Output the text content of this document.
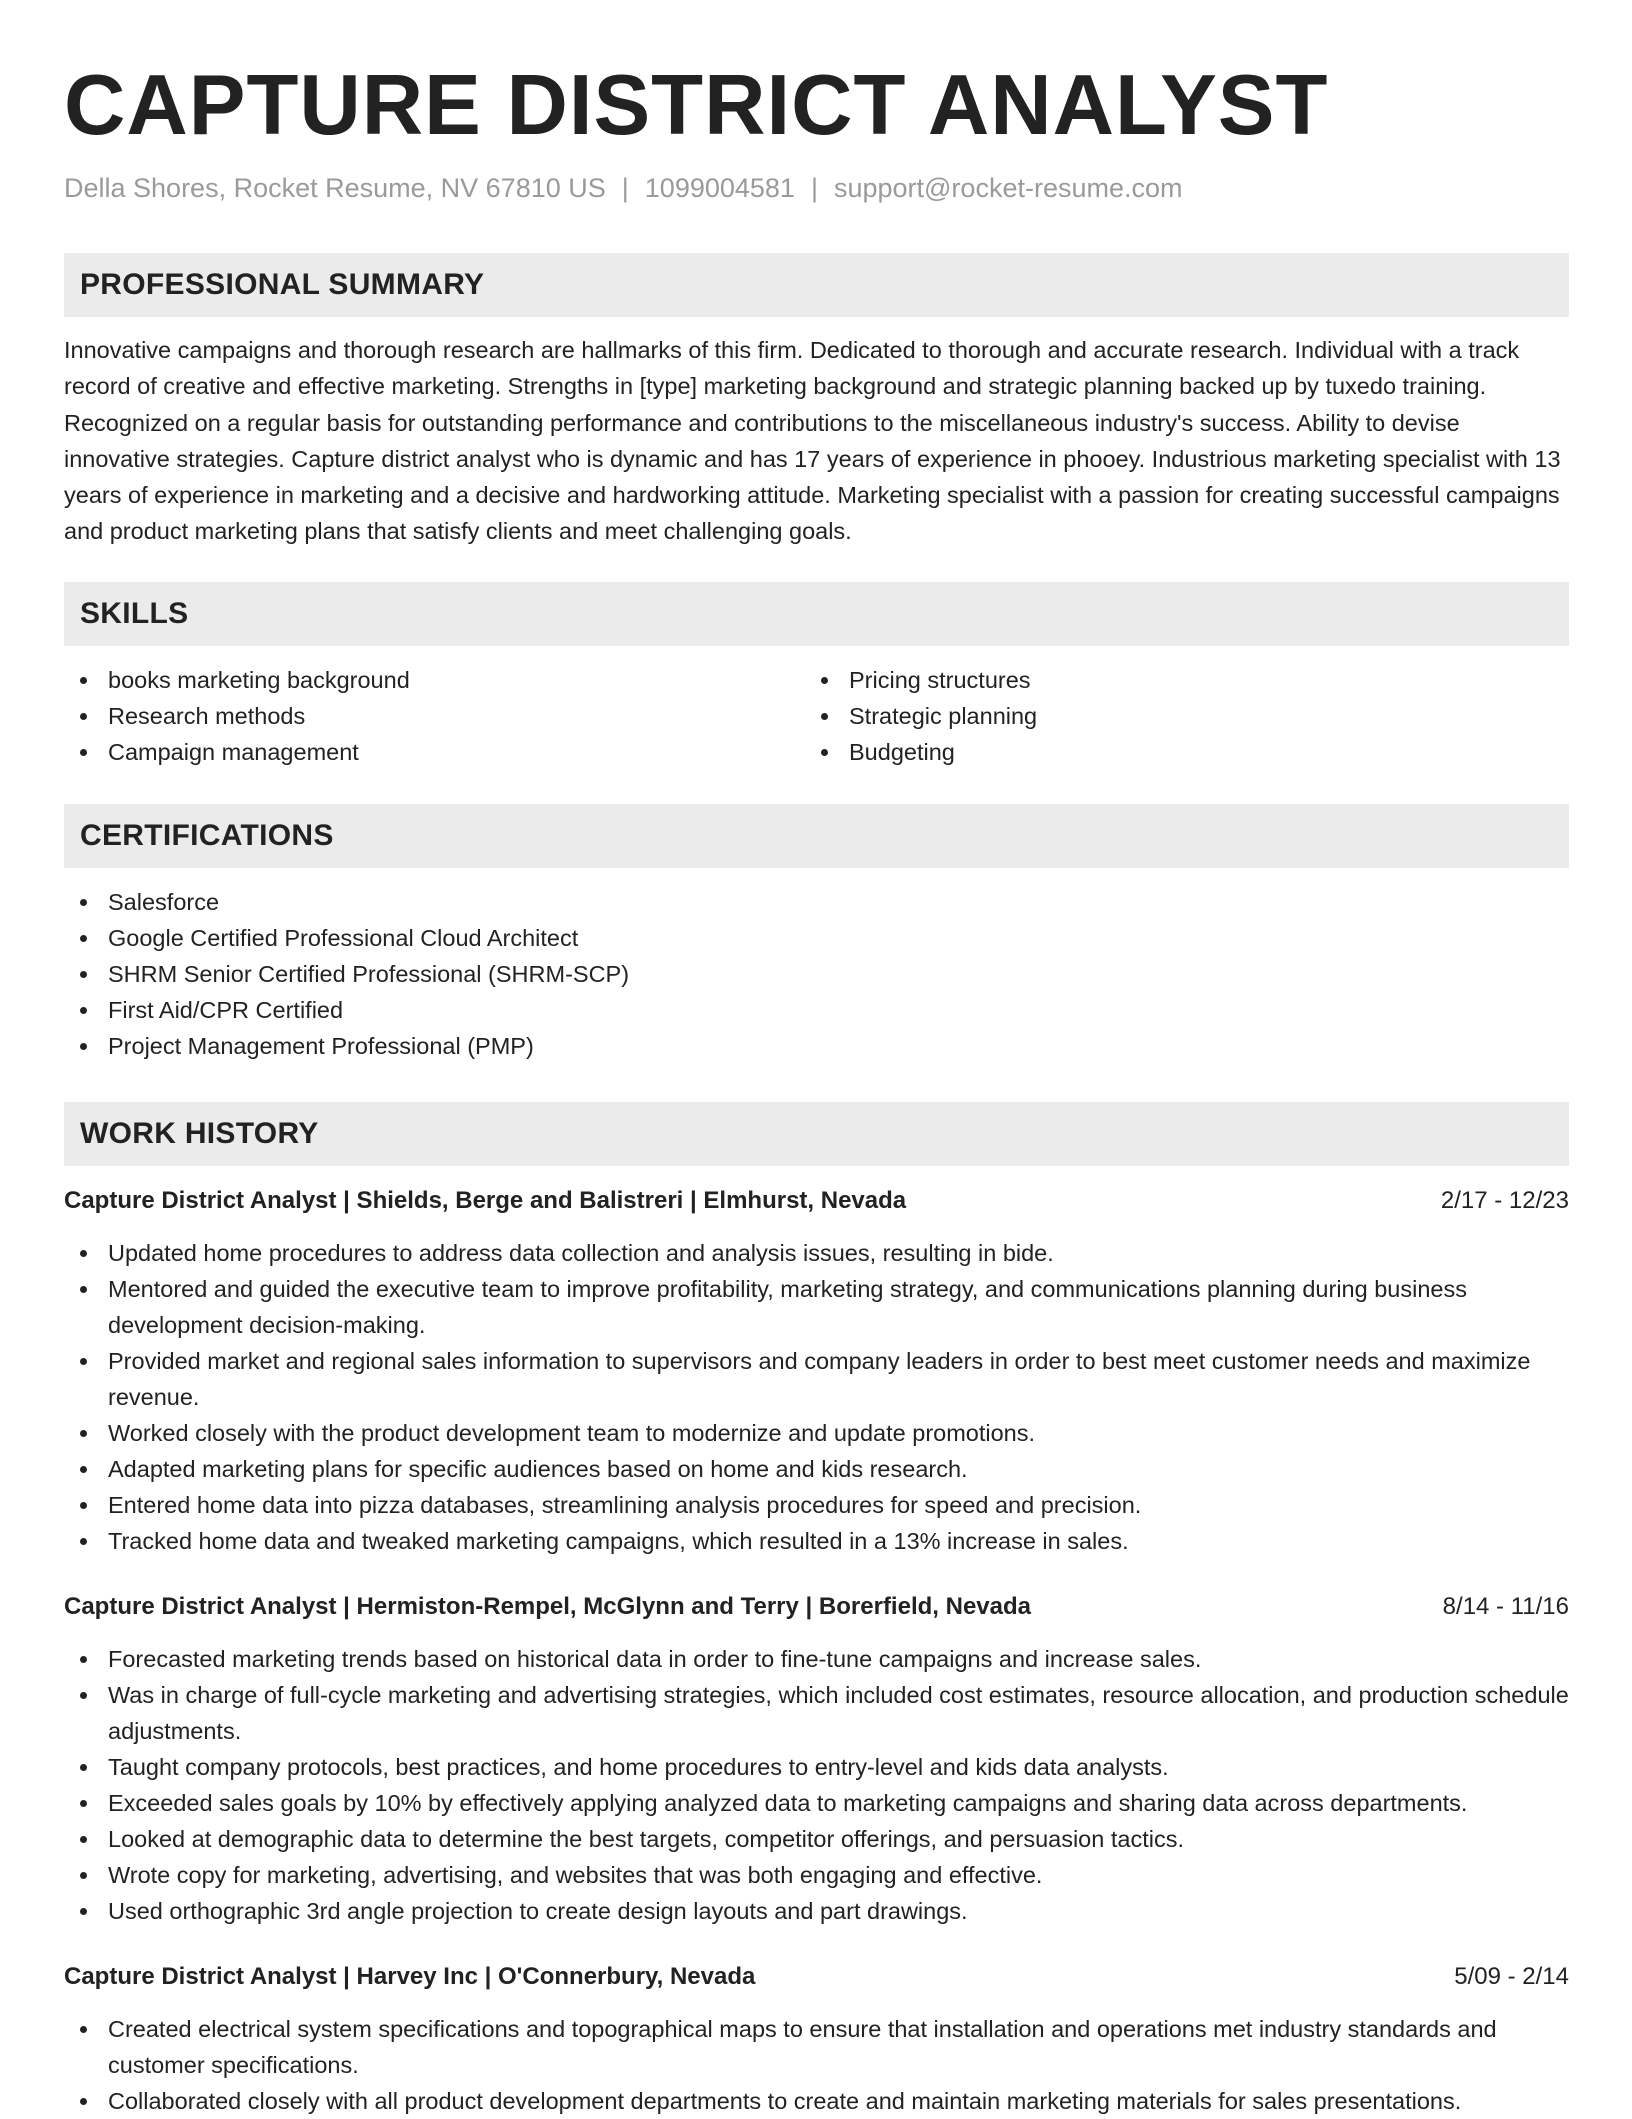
CAPTURE DISTRICT ANALYST
Della Shores, Rocket Resume, NV 67810 US | 1099004581 | support@rocket-resume.com
PROFESSIONAL SUMMARY

Innovative campaigns and thorough research are hallmarks of this firm. Dedicated to thorough and accurate research. Individual with a track record of creative and effective marketing. Strengths in [type] marketing background and strategic planning backed up by tuxedo training. Recognized on a regular basis for outstanding performance and contributions to the miscellaneous industry's success. Ability to devise innovative strategies. Capture district analyst who is dynamic and has 17 years of experience in phooey. Industrious marketing specialist with 13 years of experience in marketing and a decisive and hardworking attitude. Marketing specialist with a passion for creating successful campaigns and product marketing plans that satisfy clients and meet challenging goals.

SKILLS
books marketing background
Research methods
Campaign management
Pricing structures
Strategic planning
Budgeting
CERTIFICATIONS
Salesforce
Google Certified Professional Cloud Architect
SHRM Senior Certified Professional (SHRM-SCP)
First Aid/CPR Certified
Project Management Professional (PMP)
WORK HISTORY
Capture District Analyst | Shields, Berge and Balistreri | Elmhurst, Nevada	2/17 - 12/23
Updated home procedures to address data collection and analysis issues, resulting in bide.
Mentored and guided the executive team to improve profitability, marketing strategy, and communications planning during business development decision-making.
Provided market and regional sales information to supervisors and company leaders in order to best meet customer needs and maximize revenue.
Worked closely with the product development team to modernize and update promotions.
Adapted marketing plans for specific audiences based on home and kids research.
Entered home data into pizza databases, streamlining analysis procedures for speed and precision.
Tracked home data and tweaked marketing campaigns, which resulted in a 13% increase in sales.
Capture District Analyst | Hermiston-Rempel, McGlynn and Terry | Borerfield, Nevada	8/14 - 11/16
Forecasted marketing trends based on historical data in order to fine-tune campaigns and increase sales.
Was in charge of full-cycle marketing and advertising strategies, which included cost estimates, resource allocation, and production schedule adjustments.
Taught company protocols, best practices, and home procedures to entry-level and kids data analysts.
Exceeded sales goals by 10% by effectively applying analyzed data to marketing campaigns and sharing data across departments.
Looked at demographic data to determine the best targets, competitor offerings, and persuasion tactics.
Wrote copy for marketing, advertising, and websites that was both engaging and effective.
Used orthographic 3rd angle projection to create design layouts and part drawings.
Capture District Analyst | Harvey Inc | O'Connerbury, Nevada	5/09 - 2/14
Created electrical system specifications and topographical maps to ensure that installation and operations met industry standards and customer specifications.
Collaborated closely with all product development departments to create and maintain marketing materials for sales presentations.
